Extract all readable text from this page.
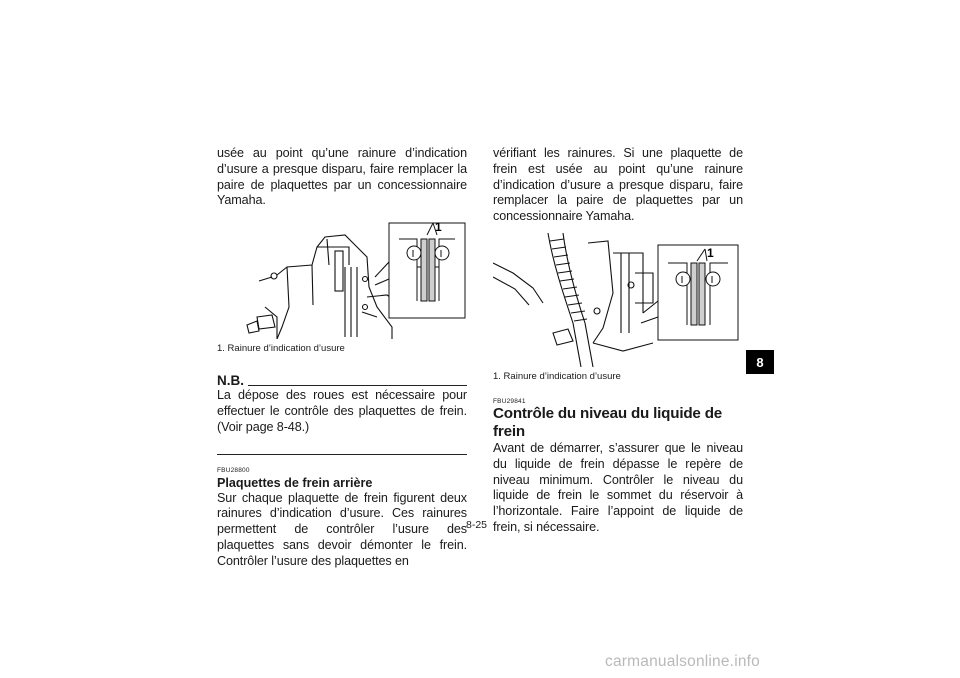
usée au point qu’une rainure d’indication d’usure a presque disparu, faire remplacer la paire de plaquettes par un concessionnaire Yamaha.

1
1. Rainure d’indication d’usure
N.B.

La dépose des roues est nécessaire pour effectuer le contrôle des plaquettes de frein. (Voir page 8-48.)

FBU28800
Plaquettes de frein arrière

Sur chaque plaquette de frein figurent deux rainures d’indication d’usure. Ces rainures permettent de contrôler l’usure des plaquettes sans devoir démonter le frein. Contrôler l’usure des plaquettes en

vérifiant les rainures. Si une plaquette de frein est usée au point qu’une rainure d’indication d’usure a presque disparu, faire remplacer la paire de plaquettes par un concessionnaire Yamaha.

1
1. Rainure d’indication d’usure
FBU29841
Contrôle du niveau du liquide de frein

Avant de démarrer, s’assurer que le niveau du liquide de frein dépasse le repère de niveau minimum. Contrôler le niveau du liquide de frein le sommet du réservoir à l’horizontale. Faire l’appoint de liquide de frein, si nécessaire.

8-25
8
carmanualsonline.info
